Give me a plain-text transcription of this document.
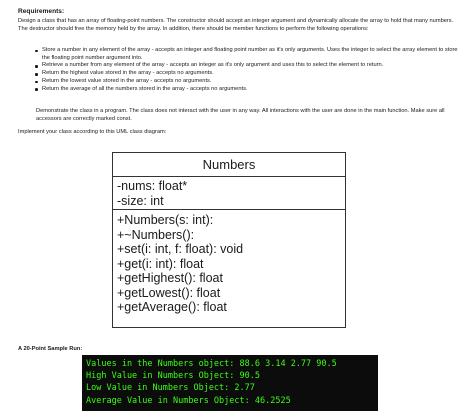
Requirements:

Design a class that has an array of floating-point numbers. The constructor should accept an integer argument and dynamically allocate the array to hold that many numbers. The destructor should free the memory held by the array. In addition, there should be member functions to perform the following operations:

Store a number in any element of the array - accepts an integer and floating point number as it's only arguments. Uses the integer to select the array element to store the floating point number argument into.
Retrieve a number from any element of the array - accepts an integer as it's only argument and uses this to select the element to return.
Return the highest value stored in the array - accepts no arguments.
Return the lowest value stored in the array - accepts no arguments.
Return the average of all the numbers stored in the array - accepts no arguments.

Demonstrate the class in a program. The class does not interact with the user in any way. All interactions with the user are done in the main function. Make sure all accessors are correctly marked const.

Implement your class according to this UML class diagram:

Numbers
-nums: float*
-size: int
+Numbers(s: int):
+~Numbers():
+set(i: int, f: float): void
+get(i: int): float
+getHighest(): float
+getLowest(): float
+getAverage(): float
A 20-Point Sample Run:
Values in the Numbers object: 88.6 3.14 2.77 90.5
High Value in Numbers Object: 90.5
Low Value in Numbers Object: 2.77
Average Value in Numbers Object: 46.2525
